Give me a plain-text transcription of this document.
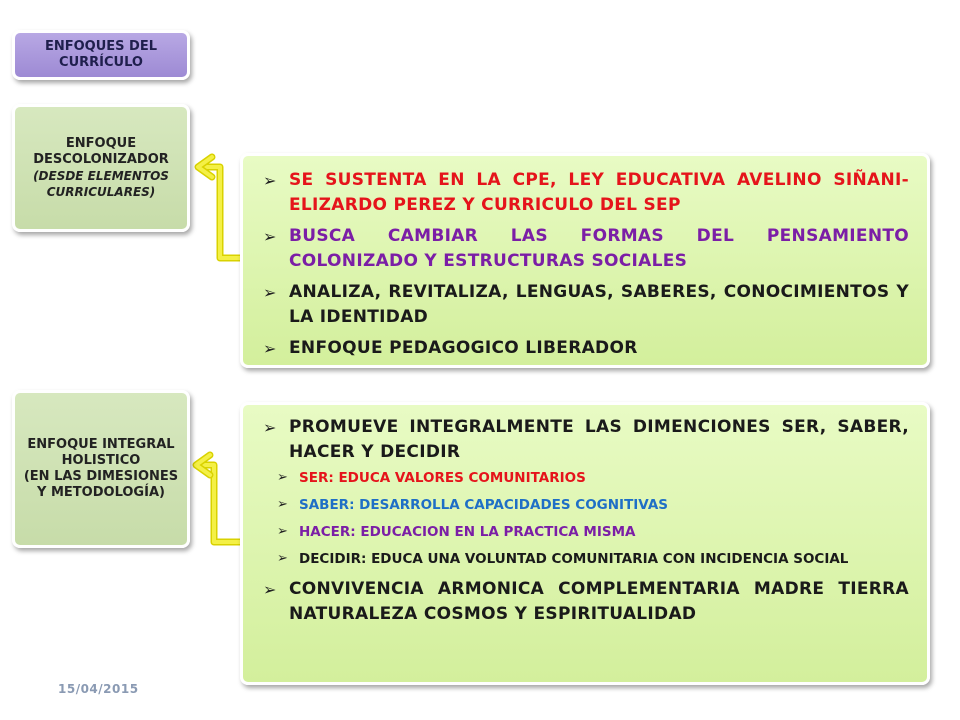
ENFOQUES DEL CURRÍCULO
ENFOQUE DESCOLONIZADOR
(DESDE ELEMENTOS CURRICULARES)
➢ SE SUSTENTA EN LA CPE, LEY EDUCATIVA AVELINO SIÑANI-ELIZARDO PEREZ Y CURRICULO DEL SEP
➢ BUSCA CAMBIAR LAS FORMAS DEL PENSAMIENTO COLONIZADO Y ESTRUCTURAS SOCIALES
➢ ANALIZA, REVITALIZA, LENGUAS, SABERES, CONOCIMIENTOS Y LA IDENTIDAD
➢ ENFOQUE PEDAGOGICO LIBERADOR
ENFOQUE INTEGRAL HOLISTICO
(EN LAS DIMESIONES Y METODOLOGÍA)
➢ PROMUEVE INTEGRALMENTE LAS DIMENCIONES SER, SABER, HACER Y DECIDIR
➢ SER: EDUCA VALORES COMUNITARIOS
➢ SABER: DESARROLLA CAPACIDADES COGNITIVAS
➢ HACER: EDUCACION EN LA PRACTICA MISMA
➢ DECIDIR: EDUCA UNA VOLUNTAD COMUNITARIA CON INCIDENCIA SOCIAL
➢ CONVIVENCIA ARMONICA COMPLEMENTARIA MADRE TIERRA NATURALEZA COSMOS Y ESPIRITUALIDAD
15/04/2015
